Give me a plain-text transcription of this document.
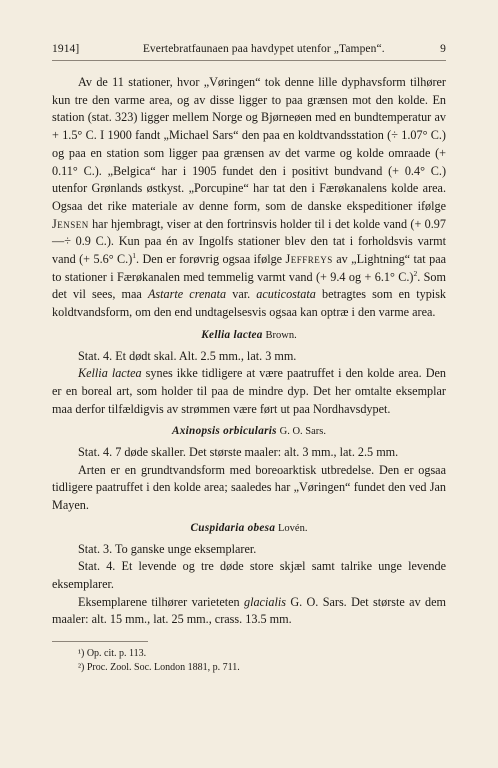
1914]	Evertebratfaunaen paa havdypet utenfor „Tampen“.	9

Av de 11 stationer, hvor „Vøringen“ tok denne lille dyphavsform tilhører kun tre den varme area, og av disse ligger to paa grænsen mot den kolde. En station (stat. 323) ligger mellem Norge og Bjørneøen med en bundtemperatur av + 1.5° C. I 1900 fandt „Michael Sars“ den paa en koldtvandsstation (÷ 1.07° C.) og paa en station som ligger paa grænsen av det varme og kolde omraade (+ 0.11° C.). „Belgica“ har i 1905 fundet den i positivt bundvand (+ 0.4° C.) utenfor Grønlands østkyst. „Porcupine“ har tat den i Færøkanalens kolde area. Ogsaa det rike materiale av denne form, som de danske ekspeditioner ifølge Jensen har hjembragt, viser at den fortrinsvis holder til i det kolde vand (+ 0.97—÷ 0.9 C.). Kun paa én av Ingolfs stationer blev den tat i forholdsvis varmt vand (+ 5.6° C.)$^1$. Den er forøvrig ogsaa ifølge Jeffreys av „Lightning“ tat paa to stationer i Færøkanalen med temmelig varmt vand (+ 9.4 og + 6.1° C.)$^2$. Som det vil sees, maa Astarte crenata var. acuticostata betragtes som en typisk koldtvandsform, om den end undtagelsesvis ogsaa kan optræ i den varme area.

Kellia lactea Brown.

Stat. 4. Et dødt skal. Alt. 2.5 mm., lat. 3 mm.

Kellia lactea synes ikke tidligere at være paatruffet i den kolde area. Den er en boreal art, som holder til paa de mindre dyp. Det her omtalte eksemplar maa derfor tilfældigvis av strømmen være ført ut paa Nordhavsdypet.

Axinopsis orbicularis G. O. Sars.

Stat. 4. 7 døde skaller. Det største maaler: alt. 3 mm., lat. 2.5 mm.

Arten er en grundtvandsform med boreoarktisk utbredelse. Den er ogsaa tidligere paatruffet i den kolde area; saaledes har „Vøringen“ fundet den ved Jan Mayen.

Cuspidaria obesa Lovén.

Stat. 3. To ganske unge eksemplarer.

Stat. 4. Et levende og tre døde store skjæl samt talrike unge levende eksemplarer.

Eksemplarene tilhører varieteten glacialis G. O. Sars. Det største av dem maaler: alt. 15 mm., lat. 25 mm., crass. 13.5 mm.

¹) Op. cit. p. 113.
²) Proc. Zool. Soc. London 1881, p. 711.
